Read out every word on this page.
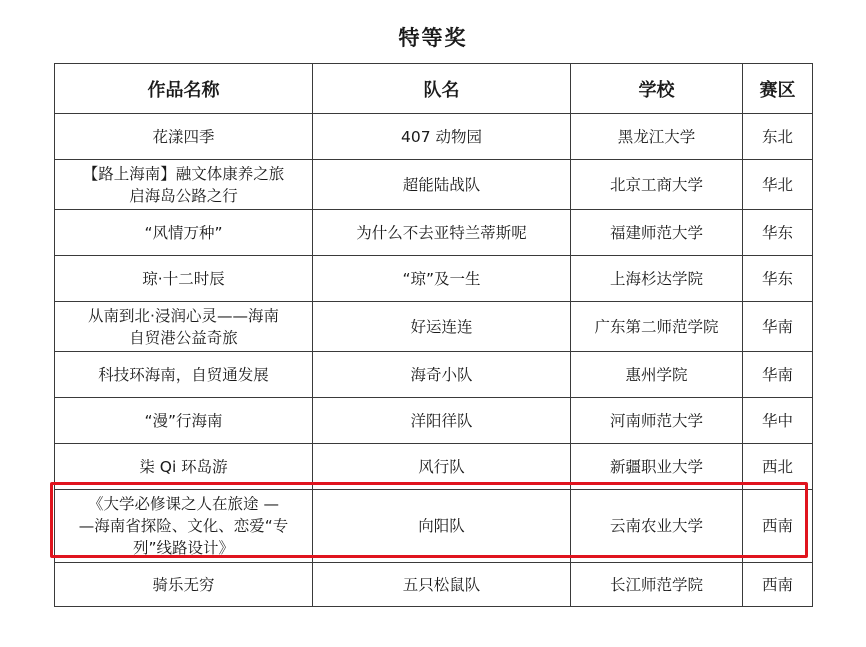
特等奖
作品名称	队名	学校	赛区

花漾四季	407 动物园	黑龙江大学	东北

【路上海南】融文体康养之旅
启海岛公路之行	超能陆战队	北京工商大学	华北

“风情万种”	为什么不去亚特兰蒂斯呢	福建师范大学	华东

琼·十二时辰	“琼”及一生	上海杉达学院	华东

从南到北·浸润心灵——海南
自贸港公益奇旅	好运连连	广东第二师范学院	华南

科技环海南，自贸通发展	海奇小队	惠州学院	华南

“漫”行海南	洋阳徉队	河南师范大学	华中

柒 Qi 环岛游	风行队	新疆职业大学	西北

《大学必修课之人在旅途 —
—海南省探险、文化、恋爱“专
列”线路设计》	向阳队	云南农业大学	西南

骑乐无穷	五只松鼠队	长江师范学院	西南
